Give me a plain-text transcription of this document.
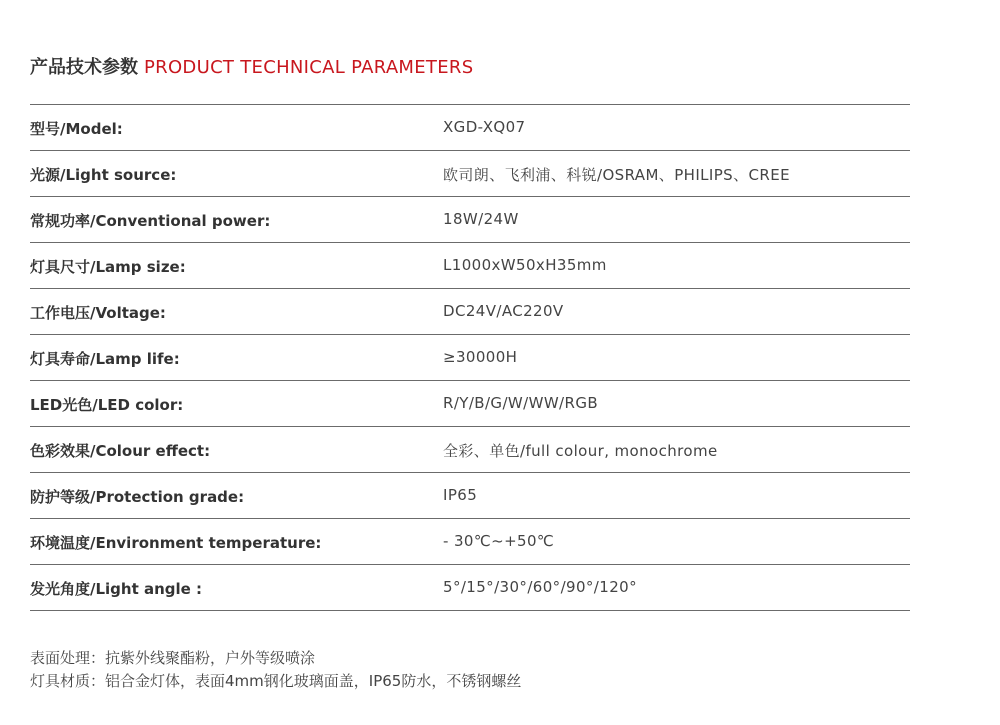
产品技术参数 PRODUCT TECHNICAL PARAMETERS
型号/Model:	XGD-XQ07
光源/Light source:	欧司朗、飞利浦、科锐/OSRAM、PHILIPS、CREE
常规功率/Conventional power:	18W/24W
灯具尺寸/Lamp size:	L1000xW50xH35mm
工作电压/Voltage:	DC24V/AC220V
灯具寿命/Lamp life:	≥30000H
LED光色/LED color:	R/Y/B/G/W/WW/RGB
色彩效果/Colour effect:	全彩、单色/full colour, monochrome
防护等级/Protection grade:	IP65
环境温度/Environment temperature:	- 30℃~+50℃
发光角度/Light angle :	5°/15°/30°/60°/90°/120°
表面处理：抗紫外线聚酯粉，户外等级喷涂
灯具材质：铝合金灯体，表面4mm钢化玻璃面盖，IP65防水，不锈钢螺丝
